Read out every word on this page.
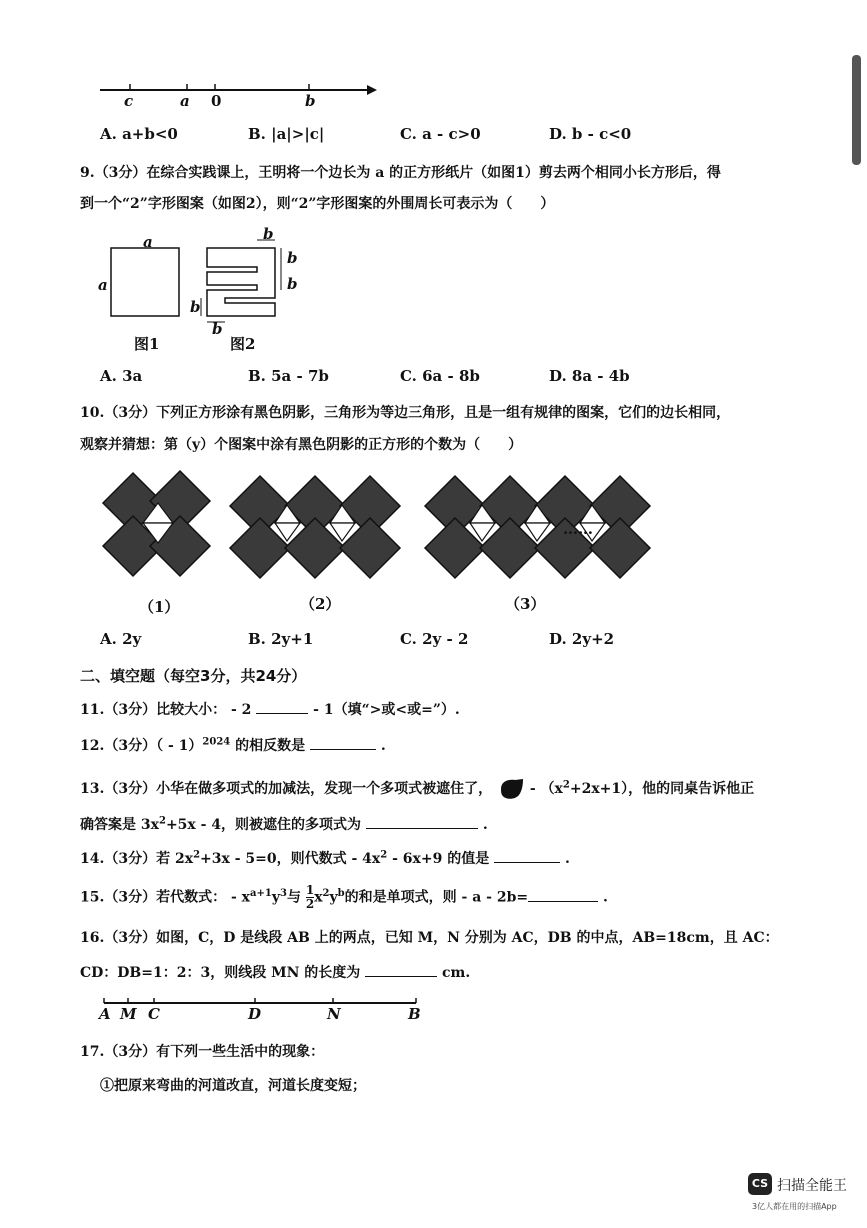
c	a 0	b
A. a+b<0	B. |a|>|c|	C. a - c>0	D. b - c<0
9.（3分）在综合实践课上，王明将一个边长为 a 的正方形纸片（如图1）剪去两个相同小长方形后，得
到一个“2”字形图案（如图2），则“2”字形图案的外围周长可表示为（　　）
a
a
b
b
b
b
b
图1	图2
A. 3a	B. 5a - 7b	C. 6a - 8b	D. 8a - 4b
10.（3分）下列正方形涂有黑色阴影，三角形为等边三角形，且是一组有规律的图案，它们的边长相同，
观察并猜想：第（y）个图案中涂有黑色阴影的正方形的个数为（　　）
……
（1）	（2）	（3）
A. 2y	B. 2y+1	C. 2y - 2	D. 2y+2
二、填空题（每空3分，共24分）
11.（3分）比较大小： - 2	- 1（填“>或<或=”）.
12.（3分）（ - 1）$^{2024}$ 的相反数是	.
13.（3分）小华在做多项式的加减法，发现一个多项式被遮住了，	- $(x^2+2x+1)$，他的同桌告诉他正
确答案是 $3x^2+5x - 4$，则被遮住的多项式为	.
14.（3分）若 $2x^2+3x - 5=0$，则代数式 - $4x^2 - 6x+9$ 的值是	.
15.（3分）若代数式： - $x^{a+1}y^3$与 $\frac{1}{2} x^2y^b$的和是单项式，则 - a - 2b=	.
16.（3分）如图，C，D 是线段 AB 上的两点，已知 M，N 分别为 AC，DB 的中点，AB=18cm，且 AC：
CD：DB=1：2：3，则线段 MN 的长度为	cm.
A M C	D	N	B
17.（3分）有下列一些生活中的现象：
①把原来弯曲的河道改直，河道长度变短；
CS 扫描全能王
3亿人都在用的扫描App
